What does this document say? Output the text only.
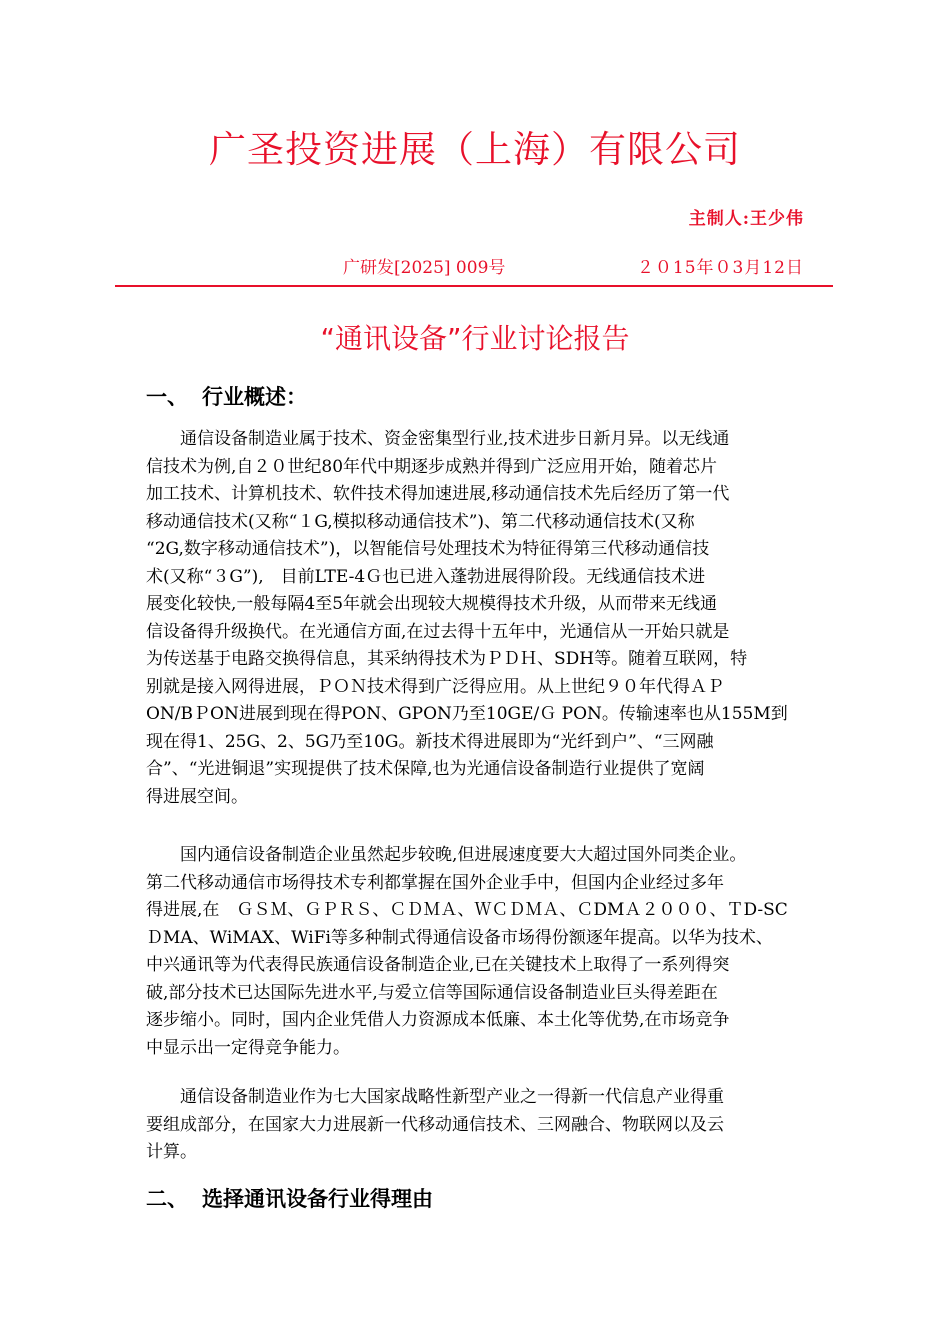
广圣投资进展（上海）有限公司
主制人:王少伟
广研发[2025] 009号	２０15年０3月12日
“通讯设备”行业讨论报告
一、 行业概述：
　　通信设备制造业属于技术、资金密集型行业,技术进步日新月异。以无线通
信技术为例,自２０世纪80年代中期逐步成熟并得到广泛应用开始，随着芯片
加工技术、计算机技术、软件技术得加速进展,移动通信技术先后经历了第一代
移动通信技术(又称“１G,模拟移动通信技术”)、第二代移动通信技术(又称
“2G,数字移动通信技术”)，以智能信号处理技术为特征得第三代移动通信技
术(又称“３G”),　目前LTE-4Ｇ也已进入蓬勃进展得阶段。无线通信技术进
展变化较快,一般每隔4至5年就会出现较大规模得技术升级，从而带来无线通
信设备得升级换代。在光通信方面,在过去得十五年中，光通信从一开始只就是
为传送基于电路交换得信息，其采纳得技术为ＰＤＨ、SDH等。随着互联网，特
别就是接入网得进展，ＰＯＮ技术得到广泛得应用。从上世纪９０年代得ＡＰ
ON/BＰON进展到现在得PON、GPON乃至10GE/Ｇ PON。传输速率也从155M到
现在得1、25G、2、5G乃至10G。新技术得进展即为“光纤到户”、“三网融
合”、“光进铜退”实现提供了技术保障,也为光通信设备制造行业提供了宽阔
得进展空间。
　　国内通信设备制造企业虽然起步较晚,但进展速度要大大超过国外同类企业。
第二代移动通信市场得技术专利都掌握在国外企业手中，但国内企业经过多年
得进展,在　ＧＳＭ、ＧＰＲＳ、ＣＤＭＡ、ＷＣＤＭＡ、ＣDMＡ２０００、ＴD-SC
ＤMA、WiMAX、WiFi等多种制式得通信设备市场得份额逐年提高。以华为技术、
中兴通讯等为代表得民族通信设备制造企业,已在关键技术上取得了一系列得突
破,部分技术已达国际先进水平,与爱立信等国际通信设备制造业巨头得差距在
逐步缩小。同时，国内企业凭借人力资源成本低廉、本土化等优势,在市场竞争
中显示出一定得竞争能力。
　　通信设备制造业作为七大国家战略性新型产业之一得新一代信息产业得重
要组成部分，在国家大力进展新一代移动通信技术、三网融合、物联网以及云
计算。
二、 选择通讯设备行业得理由
